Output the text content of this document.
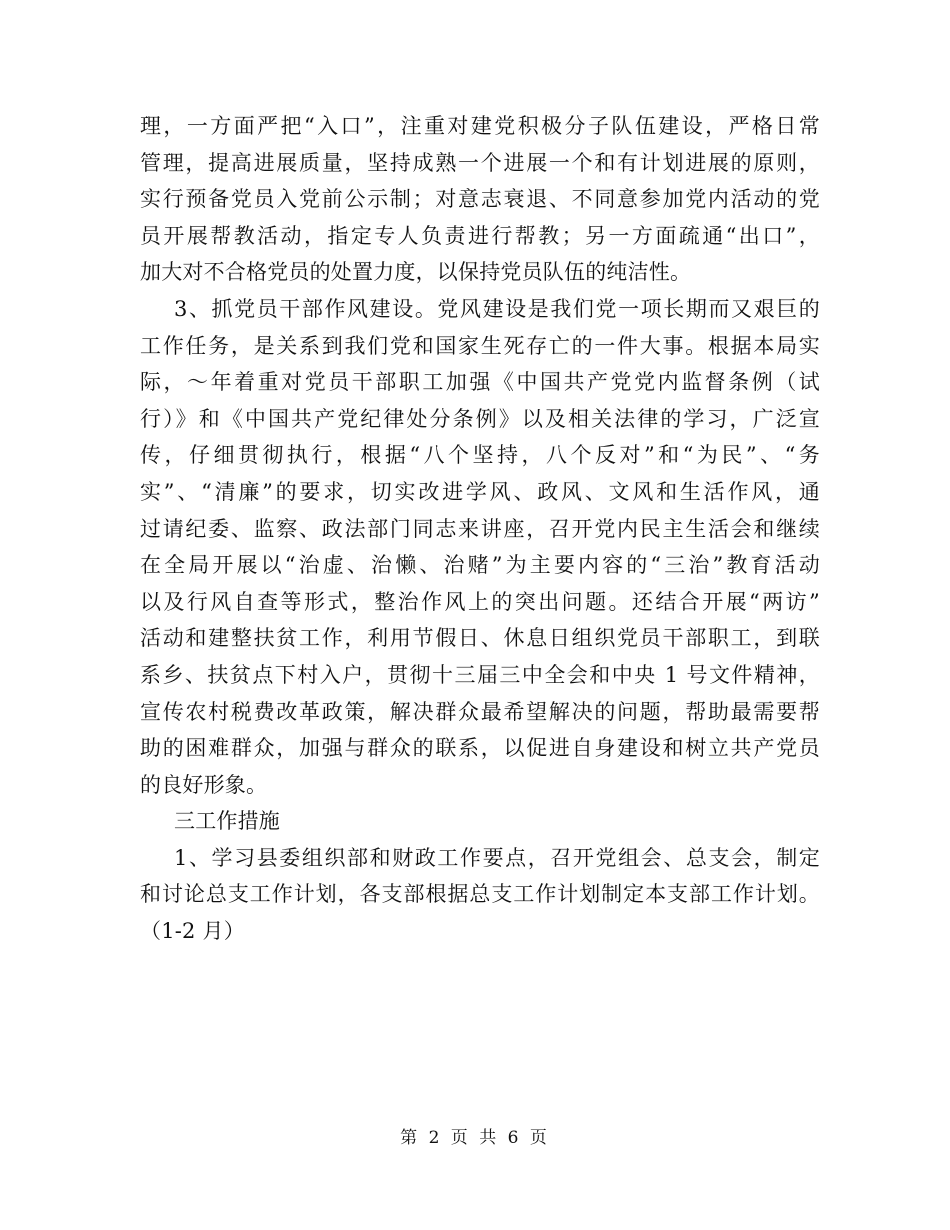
理，一方面严把“入口”，注重对建党积极分子队伍建设，严格日常
管理，提高进展质量，坚持成熟一个进展一个和有计划进展的原则，
实行预备党员入党前公示制；对意志衰退、不同意参加党内活动的党
员开展帮教活动，指定专人负责进行帮教；另一方面疏通“出口”，
加大对不合格党员的处置力度，以保持党员队伍的纯洁性。
3、抓党员干部作风建设。党风建设是我们党一项长期而又艰巨的
工作任务，是关系到我们党和国家生死存亡的一件大事。根据本局实
际，～年着重对党员干部职工加强《中国共产党党内监督条例（试
行）》和《中国共产党纪律处分条例》以及相关法律的学习，广泛宣
传，仔细贯彻执行，根据“八个坚持，八个反对”和“为民”、“务
实”、“清廉”的要求，切实改进学风、政风、文风和生活作风，通
过请纪委、监察、政法部门同志来讲座，召开党内民主生活会和继续
在全局开展以“治虚、治懒、治赌”为主要内容的“三治”教育活动
以及行风自查等形式，整治作风上的突出问题。还结合开展“两访”
活动和建整扶贫工作，利用节假日、休息日组织党员干部职工，到联
系乡、扶贫点下村入户，贯彻十三届三中全会和中央 1 号文件精神，
宣传农村税费改革政策，解决群众最希望解决的问题，帮助最需要帮
助的困难群众，加强与群众的联系，以促进自身建设和树立共产党员
的良好形象。
三工作措施
1、学习县委组织部和财政工作要点，召开党组会、总支会，制定
和讨论总支工作计划，各支部根据总支工作计划制定本支部工作计划。
（1-2 月）
第 2 页 共 6 页
